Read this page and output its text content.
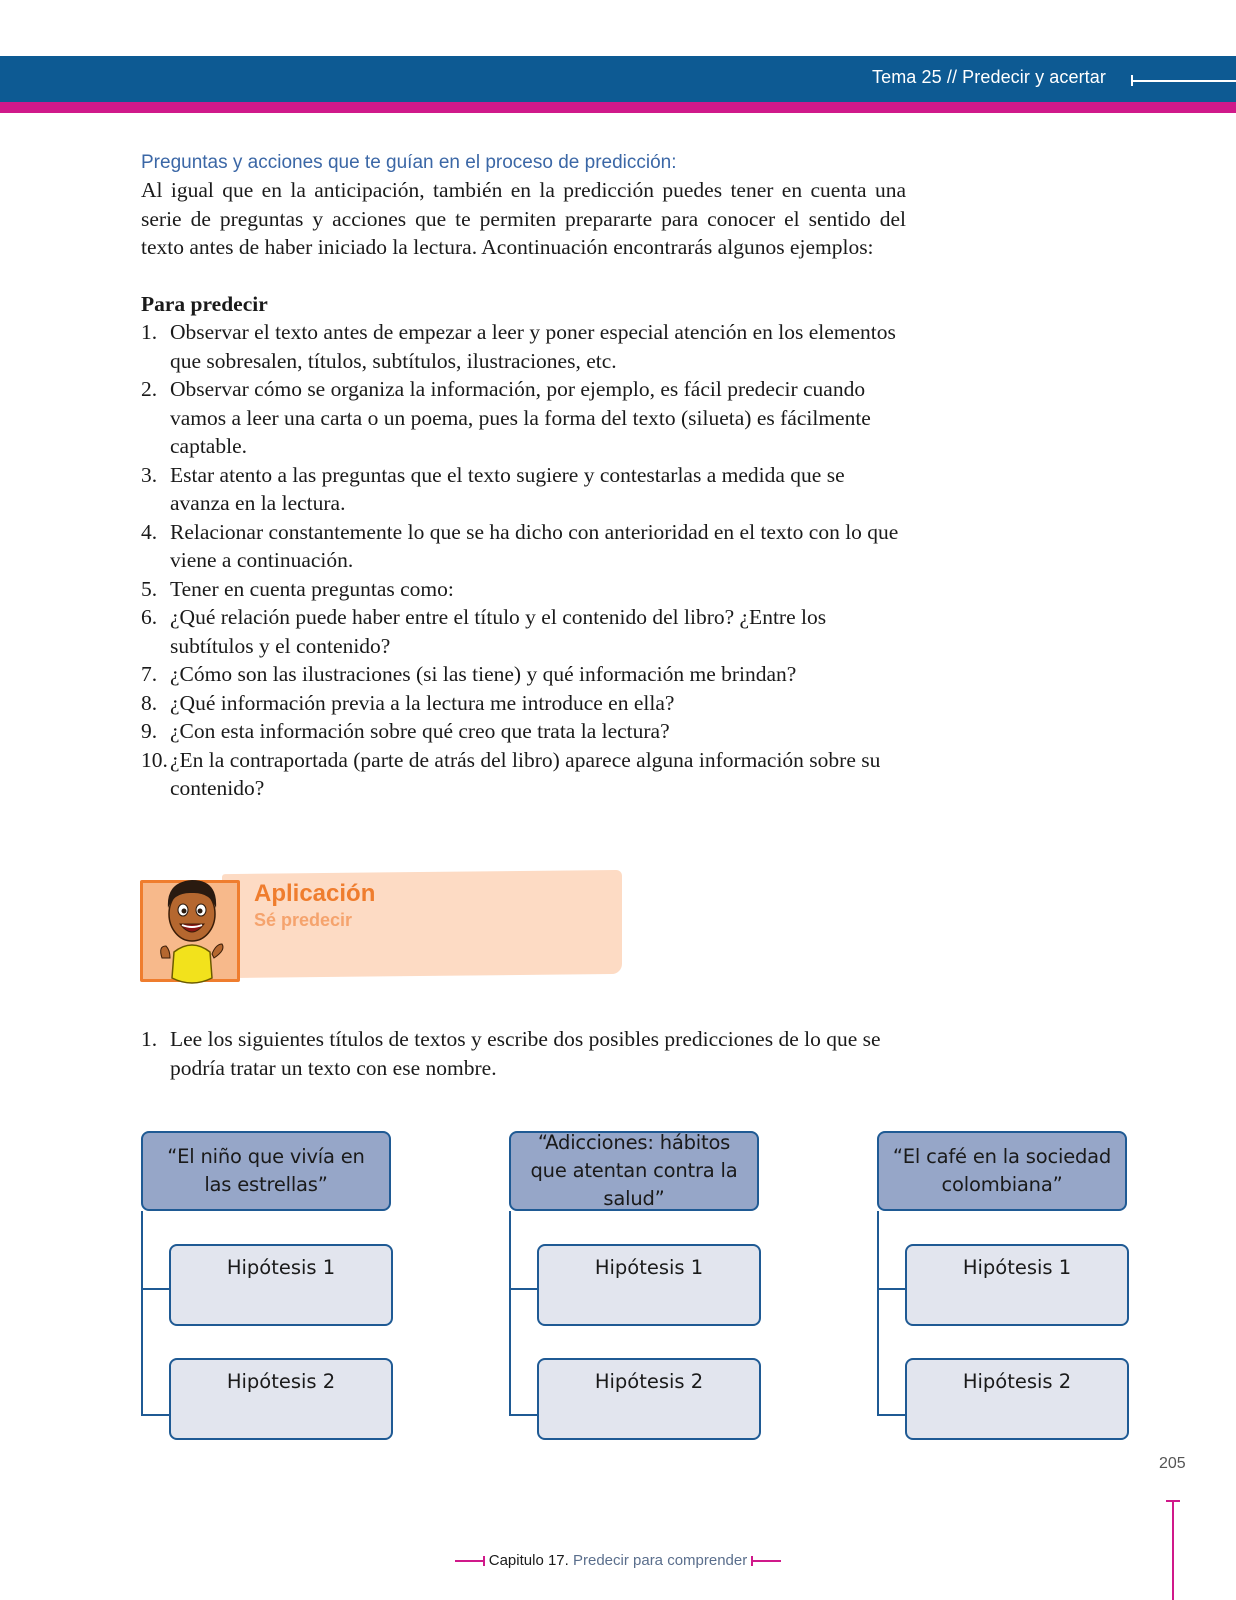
Tema 25 // Predecir y acertar

Preguntas y acciones que te guían en el proceso de predicción:

Al igual que en la anticipación, también en la predicción puedes tener en cuenta una serie de preguntas y acciones que te permiten prepararte para conocer el sentido del texto antes de haber iniciado la lectura. Acontinuación encontrarás algunos ejemplos:

Para predecir

1. Observar el texto antes de empezar a leer y poner especial atención en los elementos que sobresalen, títulos, subtítulos, ilustraciones, etc.
2. Observar cómo se organiza la información, por ejemplo, es fácil predecir cuando vamos a leer una carta o un poema, pues la forma del texto (silueta) es fácilmente captable.
3. Estar atento a las preguntas que el texto sugiere y contestarlas a medida que se avanza en la lectura.
4. Relacionar constantemente lo que se ha dicho con anterioridad en el texto con lo que viene a continuación.
5. Tener en cuenta preguntas como:
6. ¿Qué relación puede haber entre el título y el contenido del libro? ¿Entre los subtítulos y el contenido?
7. ¿Cómo son las ilustraciones (si las tiene) y qué información me brindan?
8. ¿Qué información previa a la lectura me introduce en ella?
9. ¿Con esta información sobre qué creo que trata la lectura?
10. ¿En la contraportada (parte de atrás del libro) aparece alguna información sobre su contenido?
Aplicación
Sé predecir
1. Lee los siguientes títulos de textos y escribe dos posibles predicciones de lo que se podría tratar un texto con ese nombre.
“El niño que vivía en las estrellas”
Hipótesis 1
Hipótesis 2
“Adicciones: hábitos que atentan contra la salud”
Hipótesis 1
Hipótesis 2
“El café en la sociedad colombiana”
Hipótesis 1
Hipótesis 2
205
Capitulo 17. Predecir para comprender
